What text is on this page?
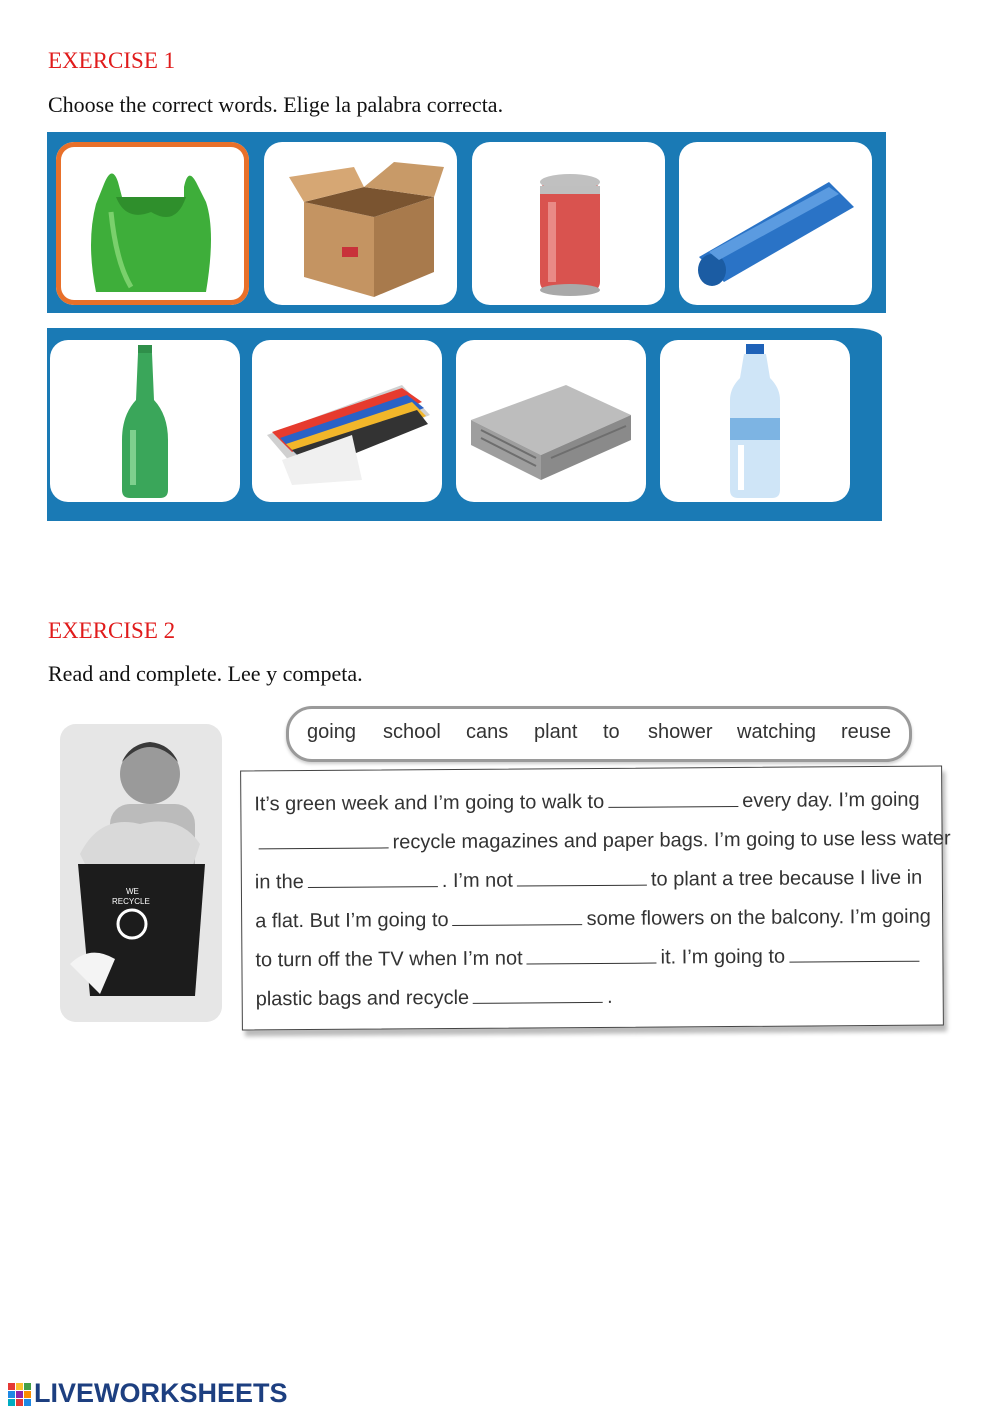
EXERCISE 1
Choose the correct words. Elige la palabra correcta.
EXERCISE 2
Read and complete. Lee y competa.
WE
RECYCLE
going school cans plant to shower watching reuse
It’s green week and I’m going to walk to	every day. I’m going
recycle magazines and paper bags. I’m going to use less water
in the	. I’m not	to plant a tree because I live in
a flat. But I’m going to	some flowers on the balcony. I’m going
to turn off the TV when I’m not	it. I’m going to
plastic bags and recycle	.
LIVEWORKSHEETS
